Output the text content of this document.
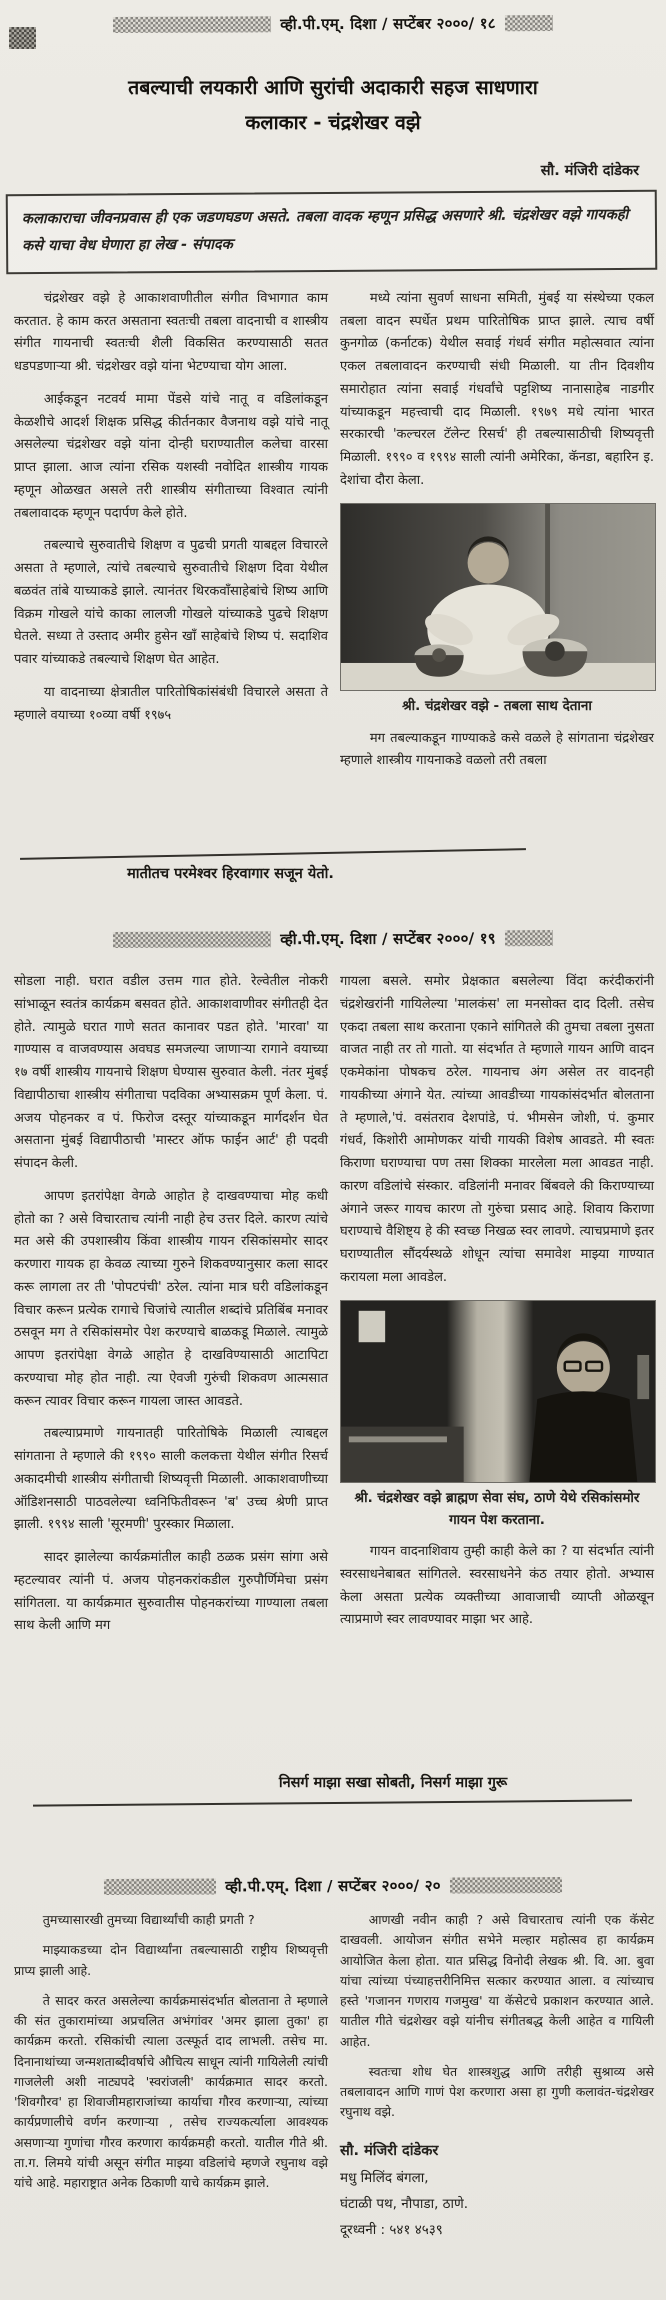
व्ही.पी.एम्. दिशा / सप्टेंबर २०००/ १८
तबल्याची लयकारी आणि सुरांची अदाकारी सहज साधणारा
कलाकार - चंद्रशेखर वझे
सौ. मंजिरी दांडेकर
कलाकाराचा जीवनप्रवास ही एक जडणघडण असते. तबला वादक म्हणून प्रसिद्ध असणारे श्री. चंद्रशेखर वझे गायकही कसे याचा वेध घेणारा हा लेख - संपादक

चंद्रशेखर वझे हे आकाशवाणीतील संगीत विभागात काम करतात. हे काम करत असताना स्वतःची तबला वादनाची व शास्त्रीय संगीत गायनाची स्वतःची शैली विकसित करण्यासाठी सतत धडपडणाऱ्या श्री. चंद्रशेखर वझे यांना भेटण्याचा योग आला.

आईकडून नटवर्य मामा पेंडसे यांचे नातू व वडिलांकडून केळशीचे आदर्श शिक्षक प्रसिद्ध कीर्तनकार वैजनाथ वझे यांचे नातू असलेल्या चंद्रशेखर वझे यांना दोन्ही घराण्यातील कलेचा वारसा प्राप्त झाला. आज त्यांना रसिक यशस्वी नवोदित शास्त्रीय गायक म्हणून ओळखत असले तरी शास्त्रीय संगीताच्या विश्वात त्यांनी तबलावादक म्हणून पदार्पण केले होते.

तबल्याचे सुरुवातीचे शिक्षण व पुढची प्रगती याबद्दल विचारले असता ते म्हणाले, त्यांचे तबल्याचे सुरुवातीचे शिक्षण दिवा येथील बळवंत तांबे याच्याकडे झाले. त्यानंतर थिरकवाँसाहेबांचे शिष्य आणि विक्रम गोखले यांचे काका लालजी गोखले यांच्याकडे पुढचे शिक्षण घेतले. सध्या ते उस्ताद अमीर हुसेन खाँ साहेबांचे शिष्य पं. सदाशिव पवार यांच्याकडे तबल्याचे शिक्षण घेत आहेत.

या वादनाच्या क्षेत्रातील पारितोषिकांसंबंधी विचारले असता ते म्हणाले वयाच्या १०व्या वर्षी १९७५

मध्ये त्यांना सुवर्ण साधना समिती, मुंबई या संस्थेच्या एकल तबला वादन स्पर्धेत प्रथम पारितोषिक प्राप्त झाले. त्याच वर्षी कुनगोळ (कर्नाटक) येथील सवाई गंधर्व संगीत महोत्सवात त्यांना एकल तबलावादन करण्याची संधी मिळाली. या तीन दिवशीय समारोहात त्यांना सवाई गंधर्वांचे पट्टशिष्य नानासाहेब नाडगीर यांच्याकडून महत्त्वाची दाद मिळाली. १९७९ मधे त्यांना भारत सरकारची 'कल्चरल टॅलेन्ट रिसर्च' ही तबल्यासाठीची शिष्यवृत्ती मिळाली. १९९० व १९९४ साली त्यांनी अमेरिका, कॅनडा, बहारिन इ. देशांचा दौरा केला.

श्री. चंद्रशेखर वझे - तबला साथ देताना

मग तबल्याकडून गाण्याकडे कसे वळले हे सांगताना चंद्रशेखर म्हणाले शास्त्रीय गायनाकडे वळलो तरी तबला

मातीतच परमेश्वर हिरवागार सजून येतो.
व्ही.पी.एम्. दिशा / सप्टेंबर २०००/ १९

सोडला नाही. घरात वडील उत्तम गात होते. रेल्वेतील नोकरी सांभाळून स्वतंत्र कार्यक्रम बसवत होते. आकाशवाणीवर संगीतही देत होते. त्यामुळे घरात गाणे सतत कानावर पडत होते. 'मारवा' या गाण्यास व वाजवण्यास अवघड समजल्या जाणाऱ्या रागाने वयाच्या १७ वर्षी शास्त्रीय गायनाचे शिक्षण घेण्यास सुरुवात केली. नंतर मुंबई विद्यापीठाचा शास्त्रीय संगीताचा पदविका अभ्यासक्रम पूर्ण केला. पं. अजय पोहनकर व पं. फिरोज दस्तूर यांच्याकडून मार्गदर्शन घेत असताना मुंबई विद्यापीठाची 'मास्टर ऑफ फाईन आर्ट' ही पदवी संपादन केली.

आपण इतरांपेक्षा वेगळे आहोत हे दाखवण्याचा मोह कधी होतो का ? असे विचारताच त्यांनी नाही हेच उत्तर दिले. कारण त्यांचे मत असे की उपशास्त्रीय किंवा शास्त्रीय गायन रसिकांसमोर सादर करणारा गायक हा केवळ त्याच्या गुरुने शिकवण्यानुसार कला सादर करू लागला तर ती 'पोपटपंची' ठरेल. त्यांना मात्र घरी वडिलांकडून विचार करून प्रत्येक रागाचे चिजांचे त्यातील शब्दांचे प्रतिबिंब मनावर ठसवून मग ते रसिकांसमोर पेश करण्याचे बाळकडू मिळाले. त्यामुळे आपण इतरांपेक्षा वेगळे आहोत हे दाखविण्यासाठी आटापिटा करण्याचा मोह होत नाही. त्या ऐवजी गुरुंची शिकवण आत्मसात करून त्यावर विचार करून गायला जास्त आवडते.

तबल्याप्रमाणे गायनातही पारितोषिके मिळाली त्याबद्दल सांगताना ते म्हणाले की १९९० साली कलकत्ता येथील संगीत रिसर्च अकादमीची शास्त्रीय संगीताची शिष्यवृत्ती मिळाली. आकाशवाणीच्या ऑडिशनसाठी पाठवलेल्या ध्वनिफितीवरून 'ब' उच्च श्रेणी प्राप्त झाली. १९९४ साली 'सूरमणी' पुरस्कार मिळाला.

सादर झालेल्या कार्यक्रमांतील काही ठळक प्रसंग सांगा असे म्हटल्यावर त्यांनी पं. अजय पोहनकरांकडील गुरुपौर्णिमेचा प्रसंग सांगितला. या कार्यक्रमात सुरुवातीस पोहनकरांच्या गाण्याला तबला साथ केली आणि मग

गायला बसले. समोर प्रेक्षकात बसलेल्या विंदा करंदीकरांनी चंद्रशेखरांनी गायिलेल्या 'मालकंस' ला मनसोक्त दाद दिली. तसेच एकदा तबला साथ करताना एकाने सांगितले की तुमचा तबला नुसता वाजत नाही तर तो गातो. या संदर्भात ते म्हणाले गायन आणि वादन एकमेकांना पोषकच ठरेल. गायनाच अंग असेल तर वादनही गायकीच्या अंगाने येत. त्यांच्या आवडीच्या गायकांसंदर्भात बोलताना ते म्हणाले,'पं. वसंतराव देशपांडे, पं. भीमसेन जोशी, पं. कुमार गंधर्व, किशोरी आमोणकर यांची गायकी विशेष आवडते. मी स्वतः किराणा घराण्याचा पण तसा शिक्का मारलेला मला आवडत नाही. कारण वडिलांचे संस्कार. वडिलांनी मनावर बिंबवले की किराण्याच्या अंगाने जरूर गायच कारण तो गुरुंचा प्रसाद आहे. शिवाय किराणा घराण्याचे वैशिष्ट्य हे की स्वच्छ निखळ स्वर लावणे. त्याचप्रमाणे इतर घराण्यातील सौंदर्यस्थळे शोधून त्यांचा समावेश माझ्या गाण्यात करायला मला आवडेल.

श्री. चंद्रशेखर वझे ब्राह्मण सेवा संघ, ठाणे येथे रसिकांसमोर गायन पेश करताना.

गायन वादनाशिवाय तुम्ही काही केले का ? या संदर्भात त्यांनी स्वरसाधनेबाबत सांगितले. स्वरसाधनेने कंठ तयार होतो. अभ्यास केला असता प्रत्येक व्यक्तीच्या आवाजाची व्याप्ती ओळखून त्याप्रमाणे स्वर लावण्यावर माझा भर आहे.

निसर्ग माझा सखा सोबती, निसर्ग माझा गुरू
व्ही.पी.एम्. दिशा / सप्टेंबर २०००/ २०

तुमच्यासारखी तुमच्या विद्यार्थ्यांची काही प्रगती ?

माझ्याकडच्या दोन विद्यार्थ्यांना तबल्यासाठी राष्ट्रीय शिष्यवृत्ती प्राप्य झाली आहे.

ते सादर करत असलेल्या कार्यक्रमासंदर्भात बोलताना ते म्हणाले की संत तुकारामांच्या अप्रचलित अभंगांवर 'अमर झाला तुका' हा कार्यक्रम करतो. रसिकांची त्याला उत्स्फूर्त दाद लाभली. तसेच मा. दिनानाथांच्या जन्मशताब्दीवर्षाचे औचित्य साधून त्यांनी गायिलेली त्यांची गाजलेली अशी नाट्यपदे 'स्वरांजली' कार्यक्रमात सादर करतो. 'शिवगौरव' हा शिवाजीमहाराजांच्या कार्याचा गौरव करणाऱ्या, त्यांच्या कार्यप्रणालीचे वर्णन करणाऱ्या , तसेच राज्यकर्त्याला आवश्यक असणाऱ्या गुणांचा गौरव करणारा कार्यक्रमही करतो. यातील गीते श्री. ता.ग. लिमये यांची असून संगीत माझ्या वडिलांचे म्हणजे रघुनाथ वझे यांचे आहे. महाराष्ट्रात अनेक ठिकाणी याचे कार्यक्रम झाले.

आणखी नवीन काही ? असे विचारताच त्यांनी एक कॅसेट दाखवली. आयोजन संगीत सभेने मल्हार महोत्सव हा कार्यक्रम आयोजित केला होता. यात प्रसिद्ध विनोदी लेखक श्री. वि. आ. बुवा यांचा त्यांच्या पंच्याहत्तरीनिमित्त सत्कार करण्यात आला. व त्यांच्याच हस्ते 'गजानन गणराय गजमुख' या कॅसेटचे प्रकाशन करण्यात आले. यातील गीते चंद्रशेखर वझे यांनीच संगीतबद्ध केली आहेत व गायिली आहेत.

स्वतःचा शोध घेत शास्त्रशुद्ध आणि तरीही सुश्राव्य असे तबलावादन आणि गाणं पेश करणारा असा हा गुणी कलावंत-चंद्रशेखर रघुनाथ वझे.

सौ. मंजिरी दांडेकर
मधु मिलिंद बंगला,
घंटाळी पथ, नौपाडा, ठाणे.
दूरध्वनी : ५४१ ४५३९
